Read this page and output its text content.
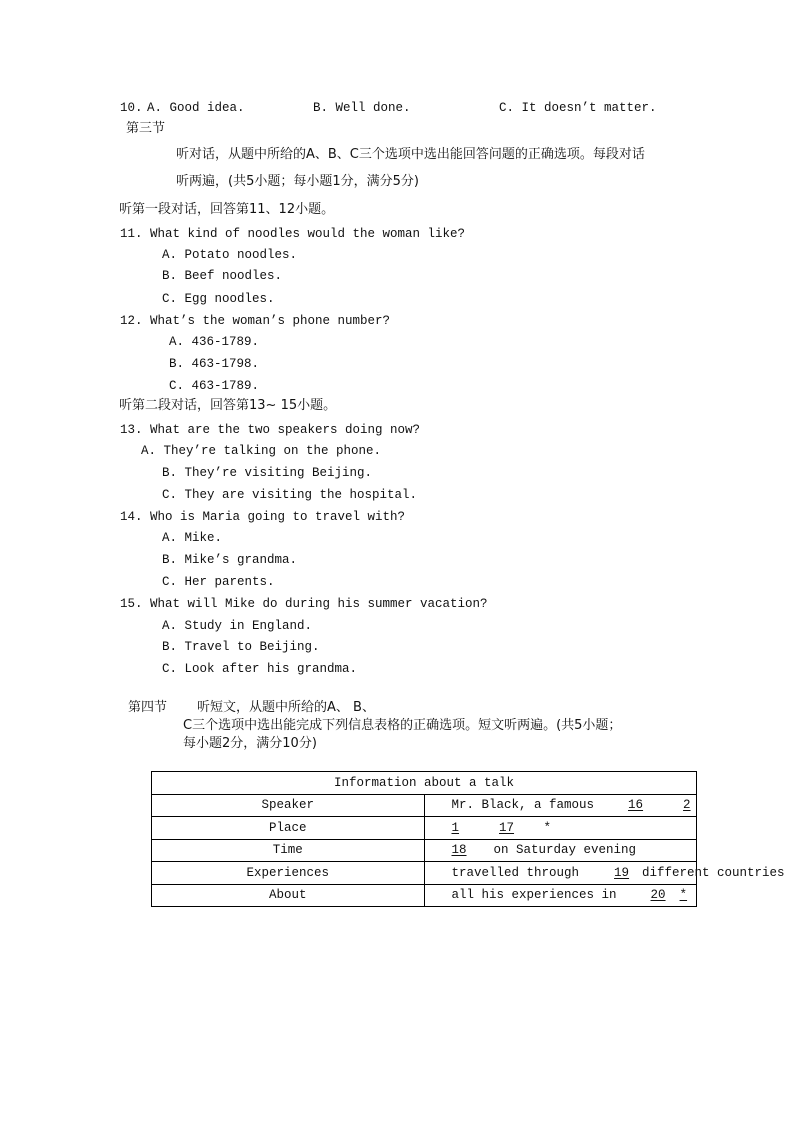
10. A. Good idea.	B. Well done.	C. It doesn’t matter.
第三节
听对话，从题中所给的A、B、C三个选项中选出能回答问题的正确选项。每段对话
听两遍，(共5小题；每小题1分，满分5分)
听第一段对话，回答第11、12小题。
11. What kind of noodles would the woman like?
A. Potato noodles.
B. Beef noodles.
C. Egg noodles.
12. What’s the woman’s phone number?
A. 436-1789.
B. 463-1798.
C. 463-1789.
听第二段对话，回答第13~ 15小题。
13. What are the two speakers doing now?
A. They’re talking on the phone.
B. They’re visiting Beijing.
C. They are visiting the hospital.
14. Who is Maria going to travel with?
A. Mike.
B. Mike’s grandma.
C. Her parents.
15. What will Mike do during his summer vacation?
A. Study in England.
B. Travel to Beijing.
C. Look after his grandma.
第四节 听短文，从题中所给的A、 B、
C三个选项中选出能完成下列信息表格的正确选项。短文听两遍。(共5小题；
每小题2分，满分10分)
Information about a talk	
Speaker	Mr. Black, a famous 16 2
Place	1 17 *
Time	18 on Saturday evening
Experiences	travelled through 19 different countries
About	all his experiences in 20 *
